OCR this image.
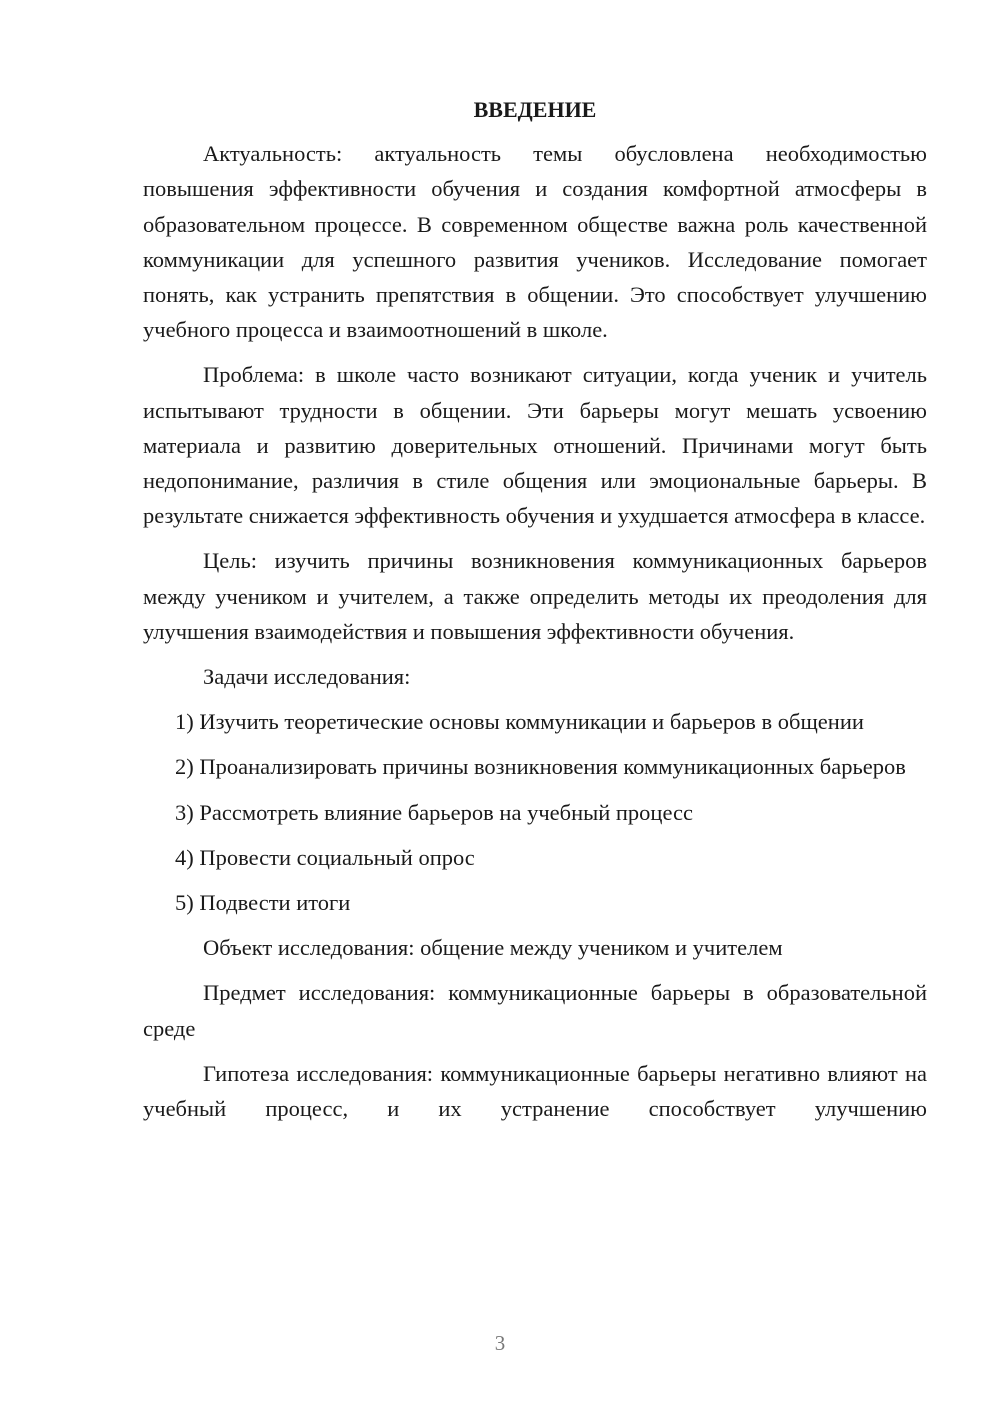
ВВЕДЕНИЕ

Актуальность: актуальность темы обусловлена необходимостью повышения эффективности обучения и создания комфортной атмосферы в образовательном процессе. В современном обществе важна роль качественной коммуникации для успешного развития учеников. Исследование помогает понять, как устранить препятствия в общении. Это способствует улучшению учебного процесса и взаимоотношений в школе.

Проблема: в школе часто возникают ситуации, когда ученик и учитель испытывают трудности в общении. Эти барьеры могут мешать усвоению материала и развитию доверительных отношений. Причинами могут быть недопонимание, различия в стиле общения или эмоциональные барьеры. В результате снижается эффективность обучения и ухудшается атмосфера в классе.

Цель: изучить причины возникновения коммуникационных барьеров между учеником и учителем, а также определить методы их преодоления для улучшения взаимодействия и повышения эффективности обучения.

Задачи исследования:

1) Изучить теоретические основы коммуникации и барьеров в общении

2) Проанализировать причины возникновения коммуникационных барьеров

3) Рассмотреть влияние барьеров на учебный процесс

4) Провести социальный опрос

5) Подвести итоги

Объект исследования: общение между учеником и учителем

Предмет исследования: коммуникационные барьеры в образовательной среде

Гипотеза исследования: коммуникационные барьеры негативно влияют на учебный процесс, и их устранение способствует улучшению

3
